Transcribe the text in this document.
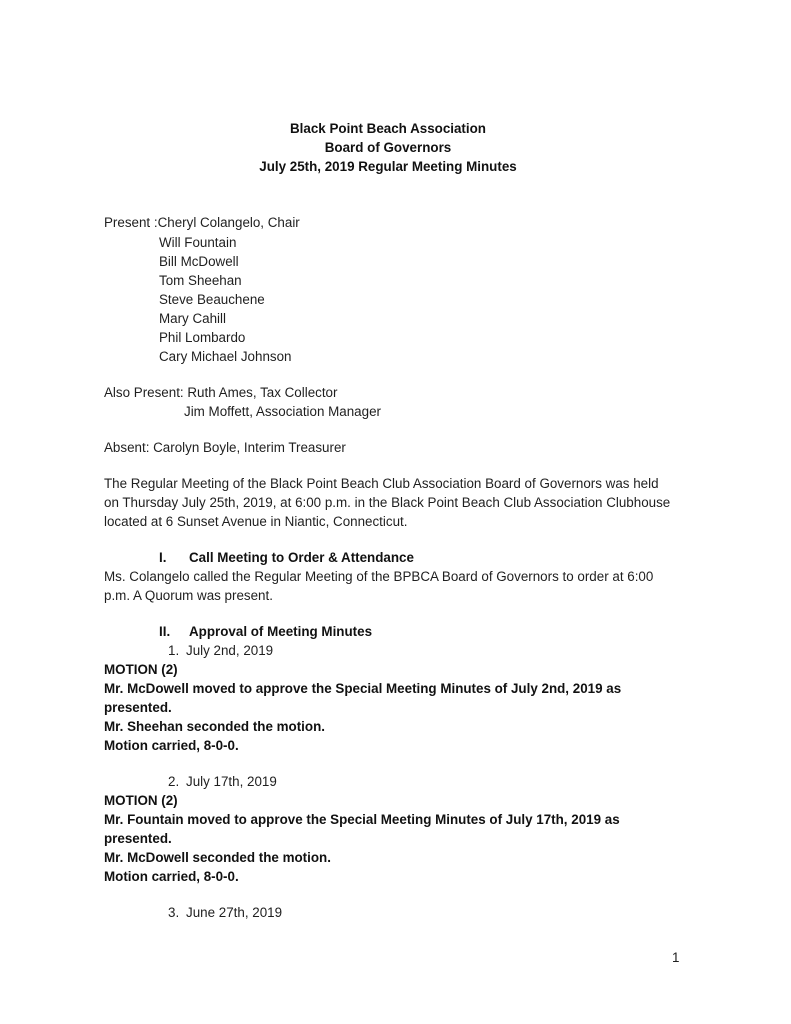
Black Point Beach Association
Board of Governors
July 25th, 2019 Regular Meeting Minutes
Present :Cheryl Colangelo, Chair
Will Fountain
Bill McDowell
Tom Sheehan
Steve Beauchene
Mary Cahill
Phil Lombardo
Cary Michael Johnson
Also Present: Ruth Ames, Tax Collector
Jim Moffett, Association Manager
Absent: Carolyn Boyle, Interim Treasurer
The Regular Meeting of the Black Point Beach Club Association Board of Governors was held
on Thursday July 25th, 2019, at 6:00 p.m. in the Black Point Beach Club Association Clubhouse
located at 6 Sunset Avenue in Niantic, Connecticut.
I. Call Meeting to Order & Attendance
Ms. Colangelo called the Regular Meeting of the BPBCA Board of Governors to order at 6:00
p.m. A Quorum was present.
II. Approval of Meeting Minutes
1. July 2nd, 2019
MOTION (2)
Mr. McDowell moved to approve the Special Meeting Minutes of July 2nd, 2019 as
presented.
Mr. Sheehan seconded the motion.
Motion carried, 8-0-0.
2. July 17th, 2019
MOTION (2)
Mr. Fountain moved to approve the Special Meeting Minutes of July 17th, 2019 as
presented.
Mr. McDowell seconded the motion.
Motion carried, 8-0-0.
3. June 27th, 2019
1
